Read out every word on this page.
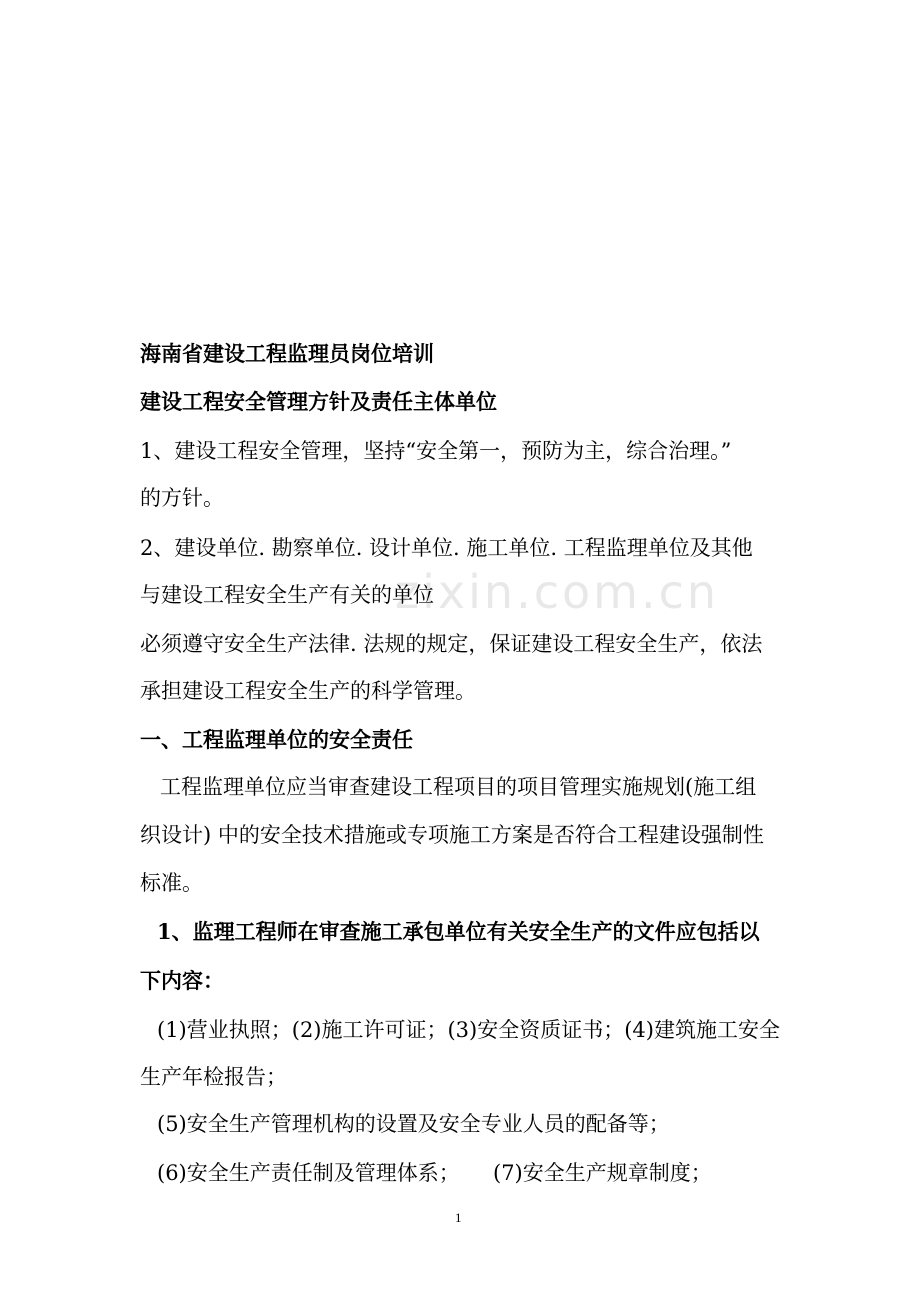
zixin.com.cn
海南省建设工程监理员岗位培训
建设工程安全管理方针及责任主体单位
1、建设工程安全管理，坚持“安全第一，预防为主，综合治理。”
的方针。
2、建设单位. 勘察单位. 设计单位. 施工单位. 工程监理单位及其他
与建设工程安全生产有关的单位
必须遵守安全生产法律. 法规的规定，保证建设工程安全生产，依法
承担建设工程安全生产的科学管理。
一、工程监理单位的安全责任
工程监理单位应当审查建设工程项目的项目管理实施规划(施工组
织设计) 中的安全技术措施或专项施工方案是否符合工程建设强制性
标准。
1、监理工程师在审查施工承包单位有关安全生产的文件应包括以
下内容：
(1)营业执照；(2)施工许可证；(3)安全资质证书；(4)建筑施工安全
生产年检报告；
(5)安全生产管理机构的设置及安全专业人员的配备等；
(6)安全生产责任制及管理体系； (7)安全生产规章制度；
1
